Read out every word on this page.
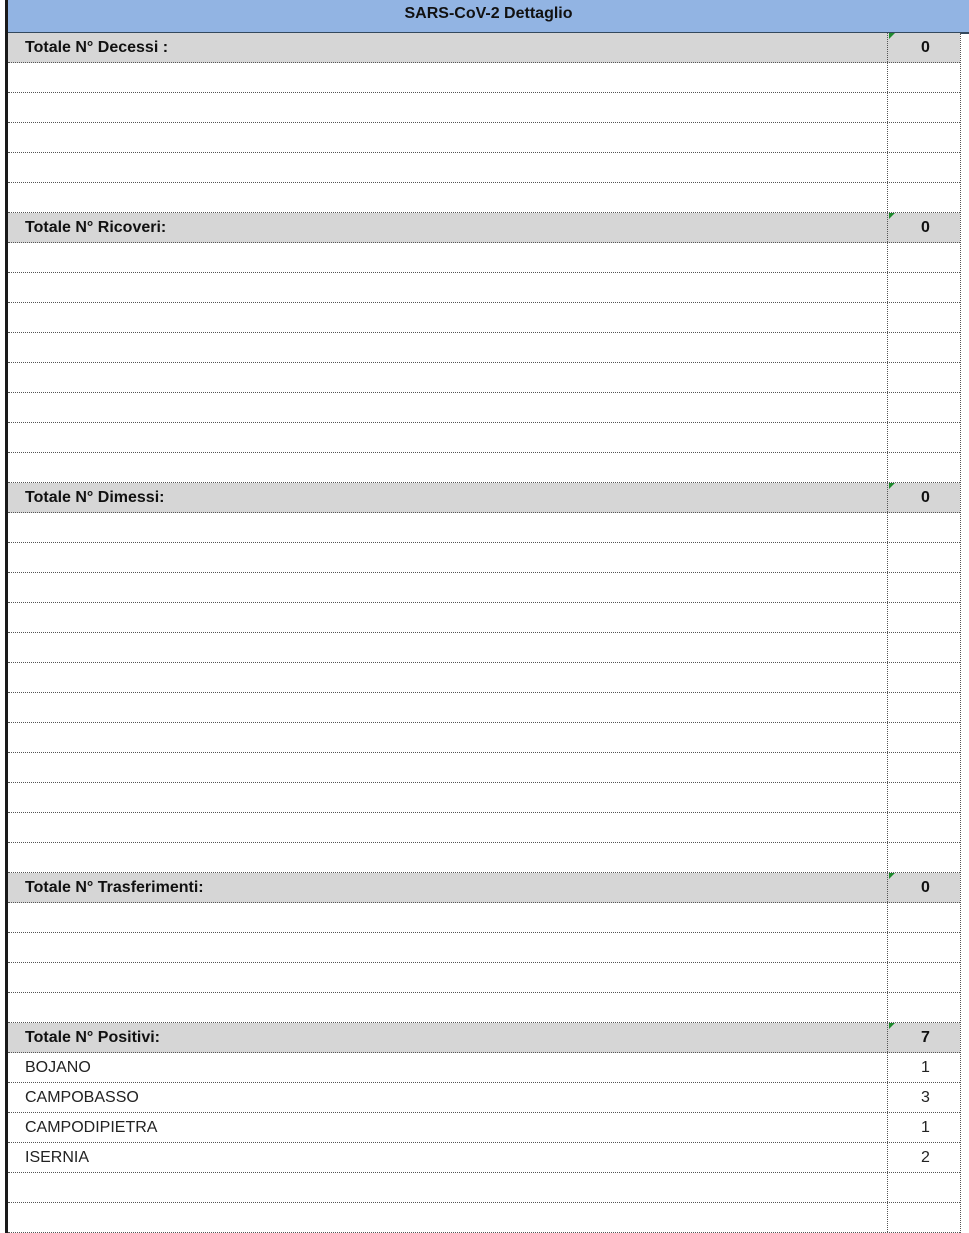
SARS-CoV-2 Dettaglio
Totale N° Decessi :	0
Totale N° Ricoveri:	0
Totale N° Dimessi:	0
Totale N° Trasferimenti:	0
Totale N° Positivi:	7
BOJANO	1
CAMPOBASSO	3
CAMPODIPIETRA	1
ISERNIA	2
